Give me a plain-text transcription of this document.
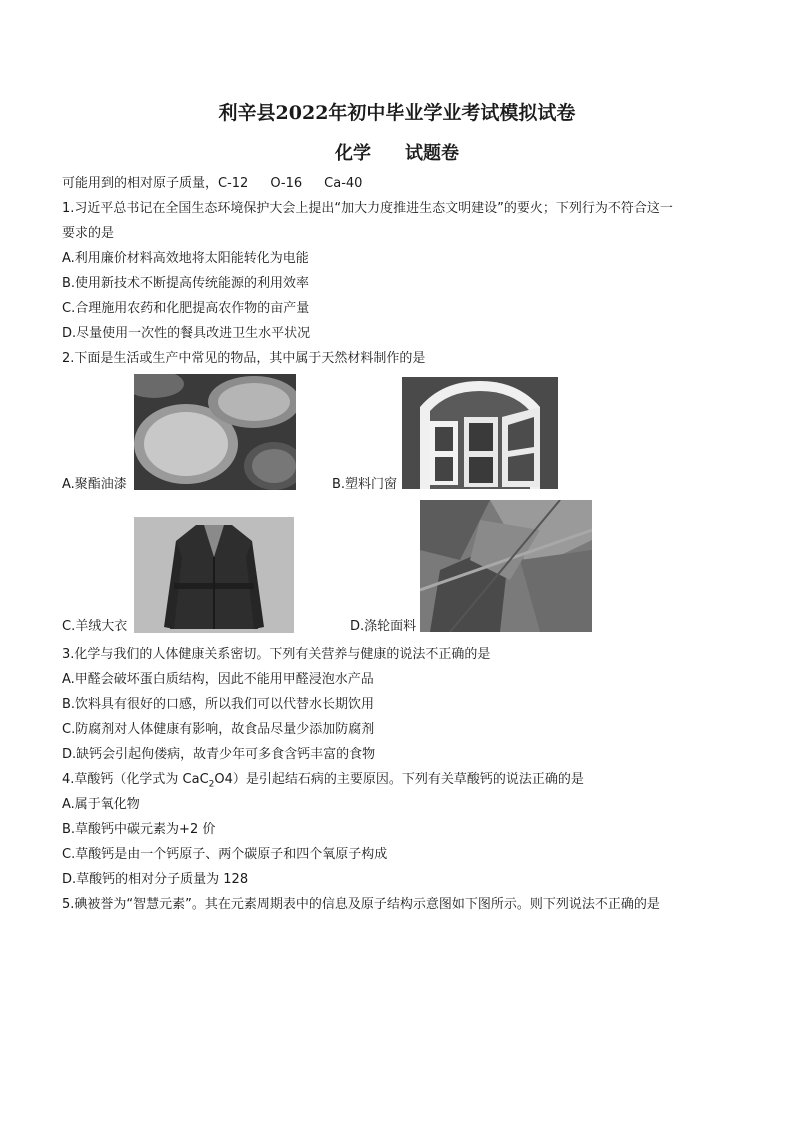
利辛县2022年初中毕业学业考试模拟试卷
化学 试题卷
可能用到的相对原子质量，C-12 O-16 Ca-40
1.习近平总书记在全国生态环境保护大会上提出“加大力度推进生态文明建设”的要火；下列行为不符合这一
要求的是
A.利用廉价材料高效地将太阳能转化为电能
B.使用新技术不断提高传统能源的利用效率
C.合理施用农药和化肥提高农作物的亩产量
D.尽量使用一次性的餐具改进卫生水平状况
2.下面是生活或生产中常见的物品，其中属于天然材料制作的是
A.聚酯油漆	B.塑料门窗
C.羊绒大衣	D.涤轮面料
3.化学与我们的人体健康关系密切。下列有关营养与健康的说法不正确的是
A.甲醛会破坏蛋白质结构，因此不能用甲醛浸泡水产品
B.饮料具有很好的口感，所以我们可以代替水长期饮用
C.防腐剂对人体健康有影响，故食品尽量少添加防腐剂
D.缺钙会引起佝偻病，故青少年可多食含钙丰富的食物
4.草酸钙（化学式为 CaC$_2$O4）是引起结石病的主要原因。下列有关草酸钙的说法正确的是
A.属于氧化物
B.草酸钙中碳元素为+2 价
C.草酸钙是由一个钙原子、两个碳原子和四个氧原子构成
D.草酸钙的相对分子质量为 128
5.碘被誉为“智慧元素”。其在元素周期表中的信息及原子结构示意图如下图所示。则下列说法不正确的是
